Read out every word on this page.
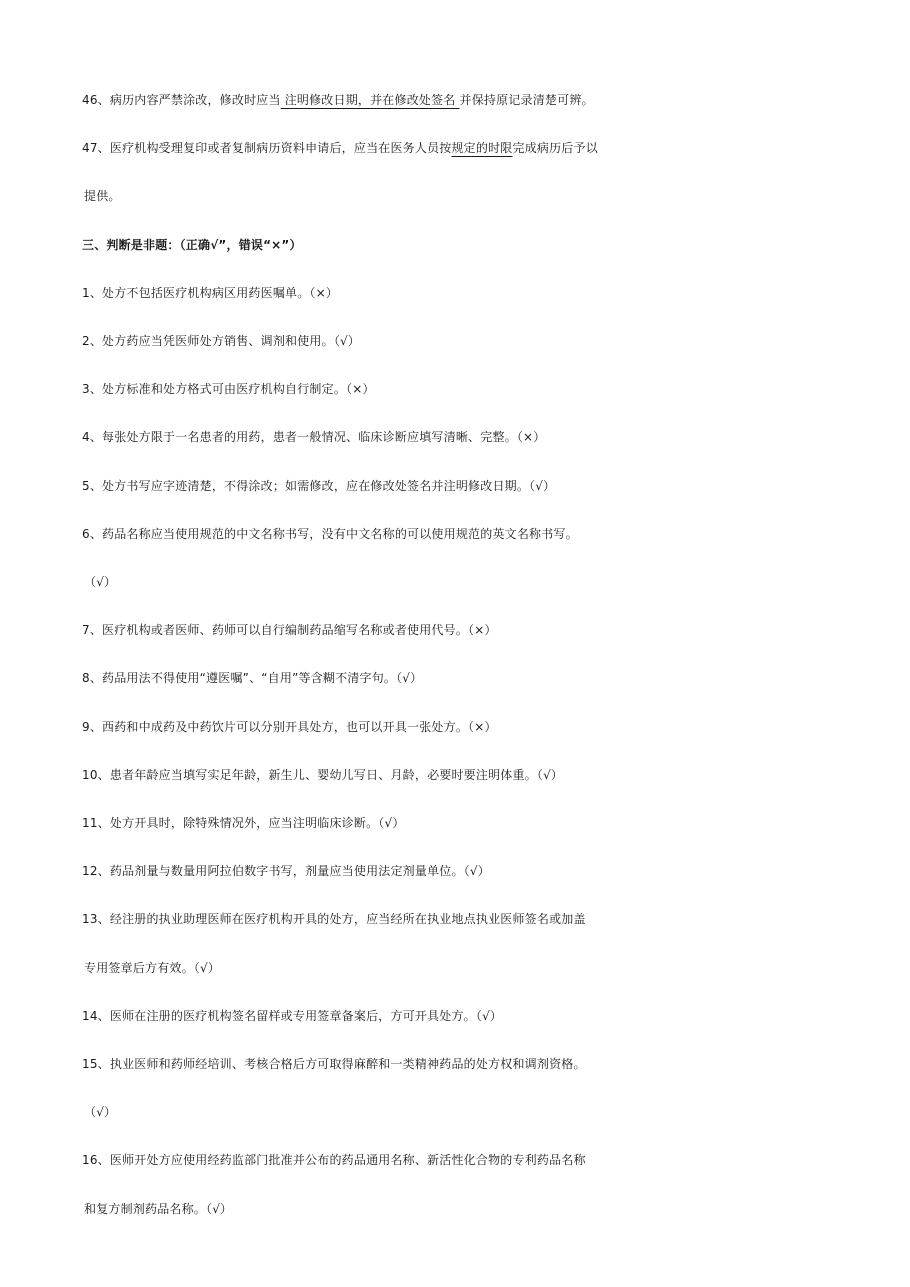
46、病历内容严禁涂改，修改时应当 注明修改日期，并在修改处签名 并保持原记录清楚可辨。
47、医疗机构受理复印或者复制病历资料申请后，应当在医务人员按规定的时限完成病历后予以
提供。
三、判断是非题：（正确√”，错误“×”）
1、处方不包括医疗机构病区用药医嘱单。（×）
2、处方药应当凭医师处方销售、调剂和使用。（√）
3、处方标准和处方格式可由医疗机构自行制定。（×）
4、每张处方限于一名患者的用药，患者一般情况、临床诊断应填写清晰、完整。（×）
5、处方书写应字迹清楚，不得涂改；如需修改，应在修改处签名并注明修改日期。（√）
6、药品名称应当使用规范的中文名称书写，没有中文名称的可以使用规范的英文名称书写。
（√）
7、医疗机构或者医师、药师可以自行编制药品缩写名称或者使用代号。（×）
8、药品用法不得使用“遵医嘱”、“自用”等含糊不清字句。（√）
9、西药和中成药及中药饮片可以分别开具处方，也可以开具一张处方。（×）
10、患者年龄应当填写实足年龄，新生儿、婴幼儿写日、月龄，必要时要注明体重。（√）
11、处方开具时，除特殊情况外，应当注明临床诊断。（√）
12、药品剂量与数量用阿拉伯数字书写，剂量应当使用法定剂量单位。（√）
13、经注册的执业助理医师在医疗机构开具的处方，应当经所在执业地点执业医师签名或加盖
专用签章后方有效。（√）
14、医师在注册的医疗机构签名留样或专用签章备案后，方可开具处方。（√）
15、执业医师和药师经培训、考核合格后方可取得麻醉和一类精神药品的处方权和调剂资格。
（√）
16、医师开处方应使用经药监部门批准并公布的药品通用名称、新活性化合物的专利药品名称
和复方制剂药品名称。（√）
